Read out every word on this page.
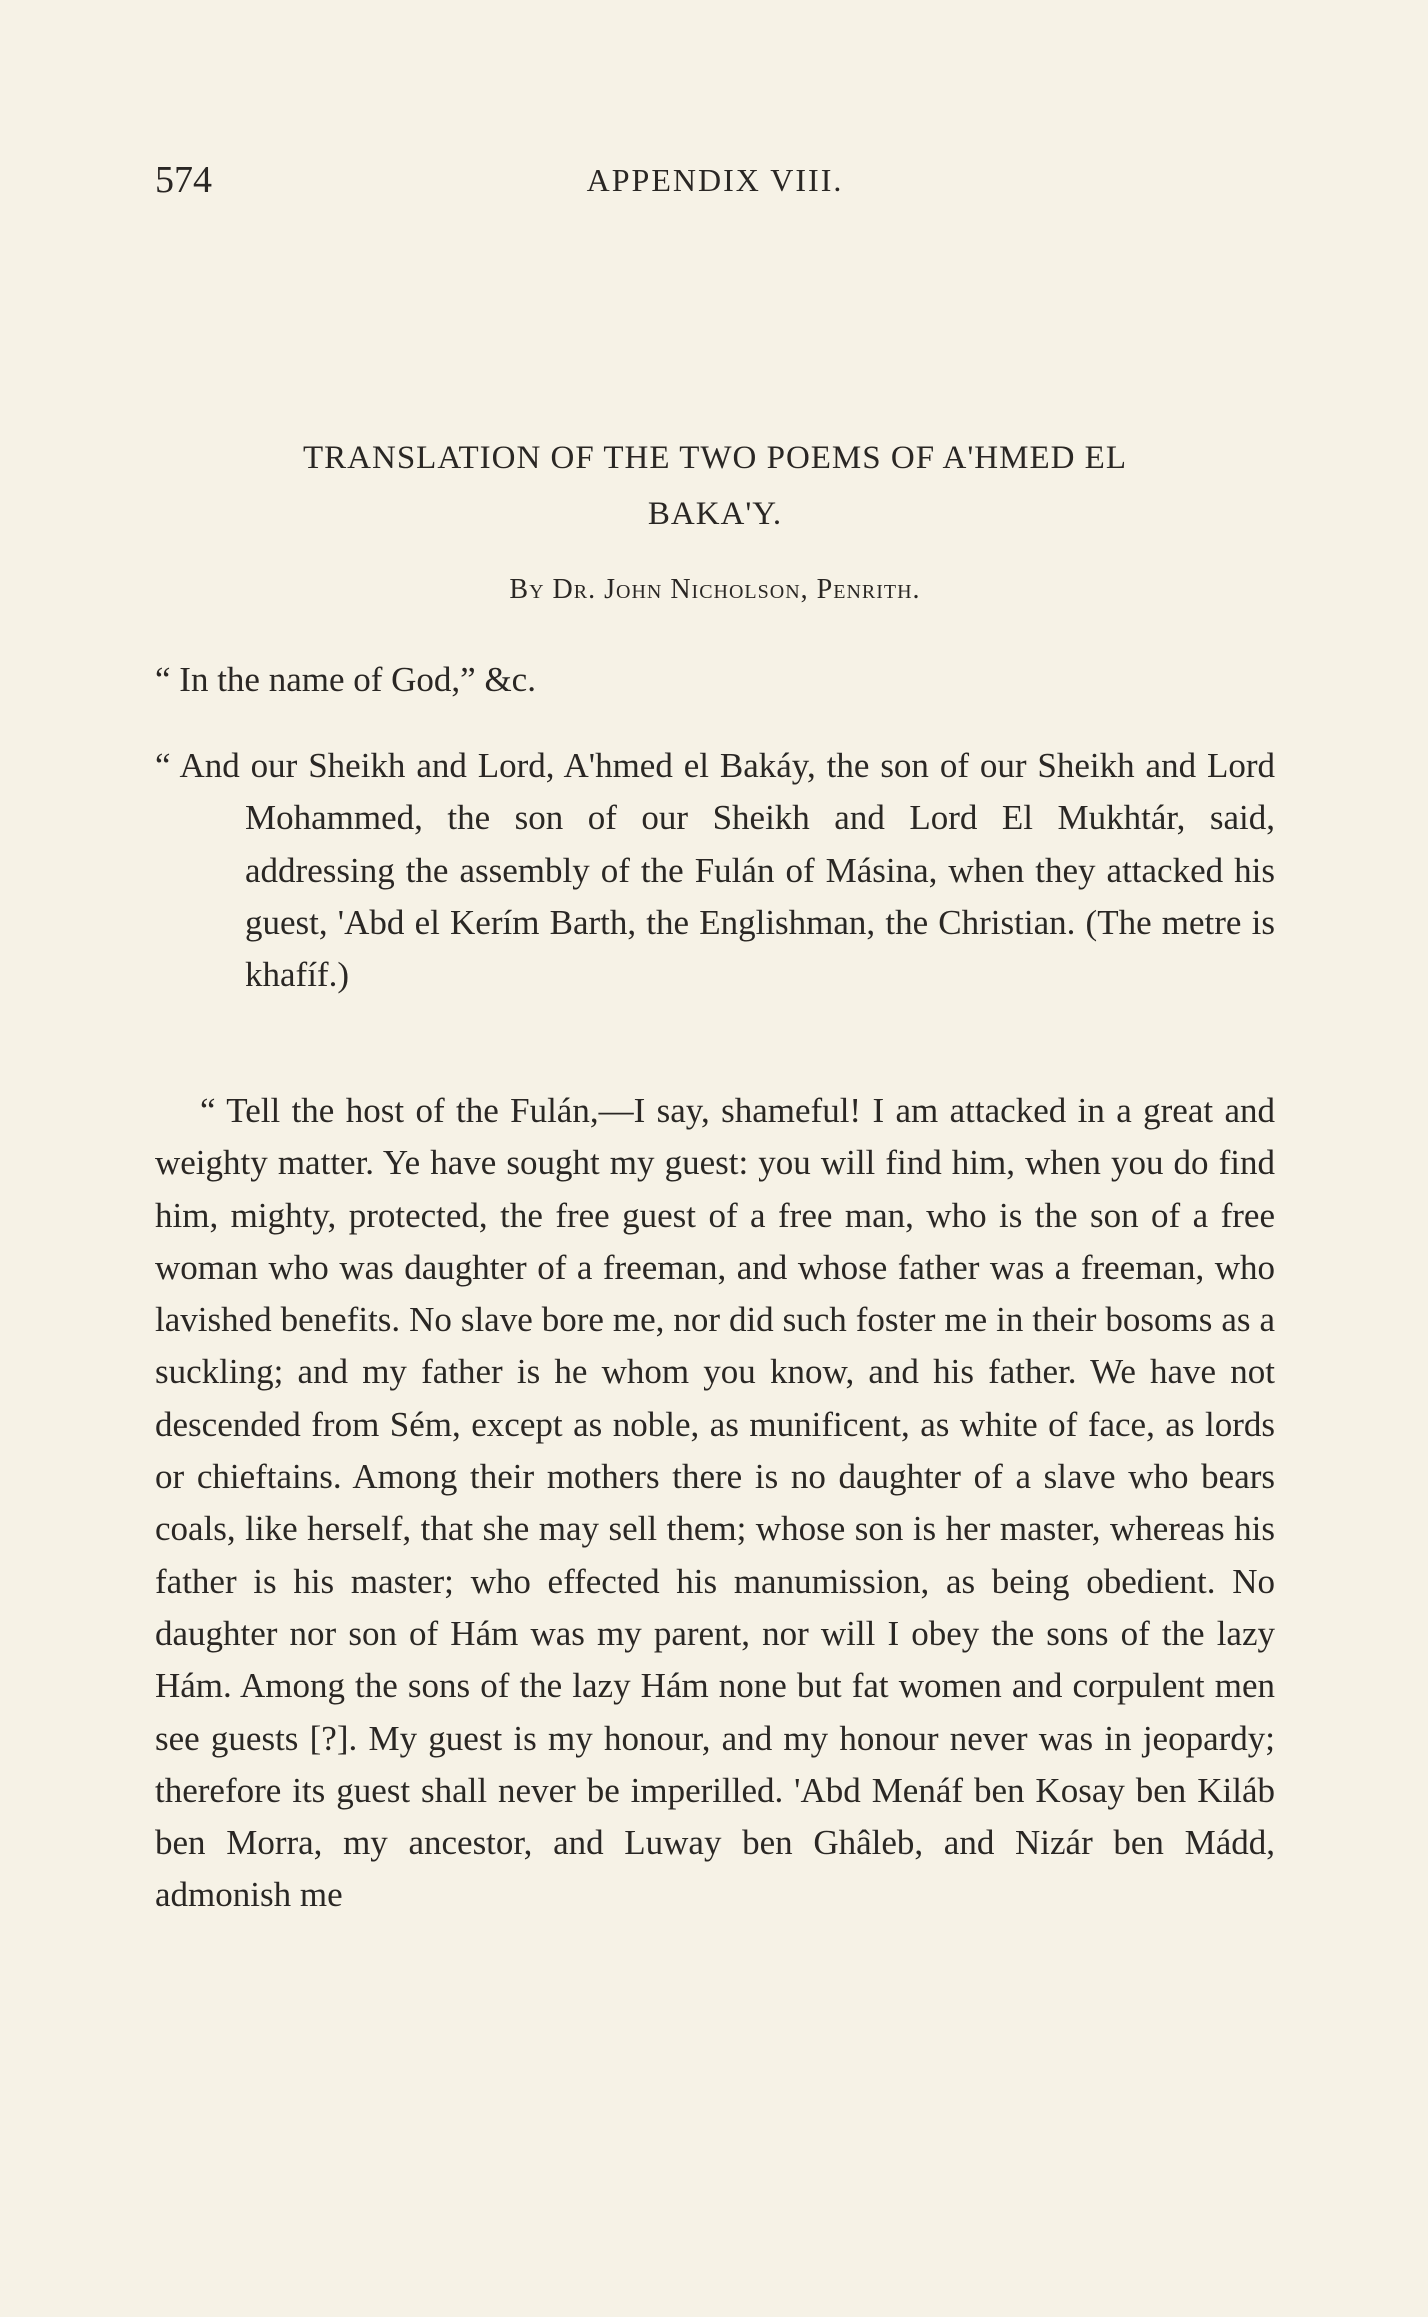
574	APPENDIX VIII.
TRANSLATION OF THE TWO POEMS OF A'HMED EL
BAKA'Y.
By Dr. John Nicholson, Penrith.

“ In the name of God,” &c.

“ And our Sheikh and Lord, A'hmed el Bakáy, the son of our Sheikh and Lord Mohammed, the son of our Sheikh and Lord El Mukhtár, said, addressing the assembly of the Fulán of Másina, when they attacked his guest, 'Abd el Kerím Barth, the Englishman, the Christian. (The metre is khafíf.)

“ Tell the host of the Fulán,—I say, shameful! I am attacked in a great and weighty matter. Ye have sought my guest: you will find him, when you do find him, mighty, protected, the free guest of a free man, who is the son of a free woman who was daughter of a freeman, and whose father was a freeman, who lavished benefits. No slave bore me, nor did such foster me in their bosoms as a suckling; and my father is he whom you know, and his father. We have not descended from Sém, except as noble, as munificent, as white of face, as lords or chieftains. Among their mothers there is no daughter of a slave who bears coals, like herself, that she may sell them; whose son is her master, whereas his father is his master; who effected his manumission, as being obedient. No daughter nor son of Hám was my parent, nor will I obey the sons of the lazy Hám. Among the sons of the lazy Hám none but fat women and corpulent men see guests [?]. My guest is my honour, and my honour never was in jeopardy; therefore its guest shall never be imperilled. 'Abd Menáf ben Kosay ben Kiláb ben Morra, my ancestor, and Luway ben Ghâleb, and Nizár ben Mádd, admonish me
